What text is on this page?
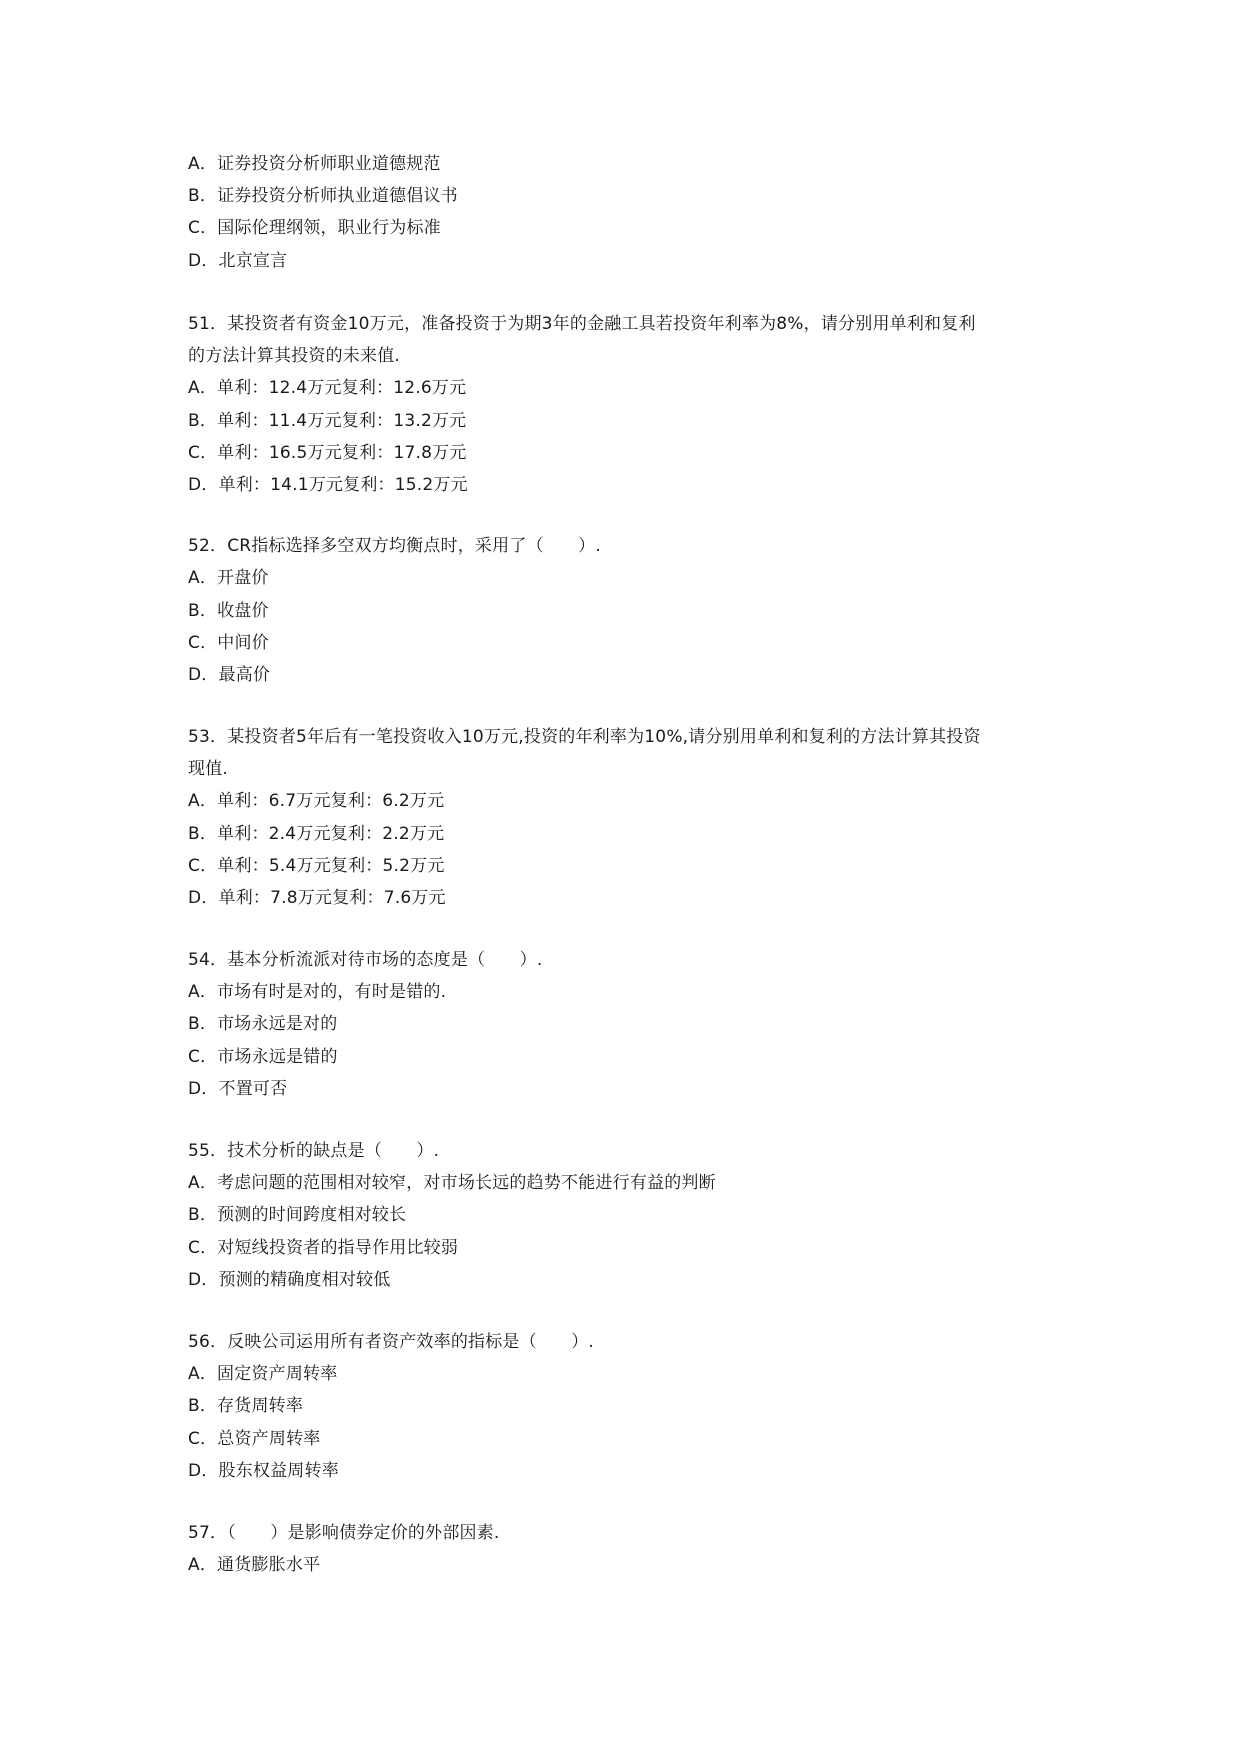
A．证券投资分析师职业道德规范
B．证券投资分析师执业道德倡议书
C．国际伦理纲领，职业行为标准
D．北京宣言
51．某投资者有资金10万元，准备投资于为期3年的金融工具若投资年利率为8%，请分别用单利和复利
的方法计算其投资的未来值.
A．单利：12.4万元复利：12.6万元
B．单利：11.4万元复利：13.2万元
C．单利：16.5万元复利：17.8万元
D．单利：14.1万元复利：15.2万元
52．CR指标选择多空双方均衡点时，采用了（　　）.
A．开盘价
B．收盘价
C．中间价
D．最高价
53．某投资者5年后有一笔投资收入10万元,投资的年利率为10%,请分别用单利和复利的方法计算其投资
现值.
A．单利：6.7万元复利：6.2万元
B．单利：2.4万元复利：2.2万元
C．单利：5.4万元复利：5.2万元
D．单利：7.8万元复利：7.6万元
54．基本分析流派对待市场的态度是（　　）.
A．市场有时是对的，有时是错的.
B．市场永远是对的
C．市场永远是错的
D．不置可否
55．技术分析的缺点是（　　）.
A．考虑问题的范围相对较窄，对市场长远的趋势不能进行有益的判断
B．预测的时间跨度相对较长
C．对短线投资者的指导作用比较弱
D．预测的精确度相对较低
56．反映公司运用所有者资产效率的指标是（　　）.
A．固定资产周转率
B．存货周转率
C．总资产周转率
D．股东权益周转率
57．（　　）是影响债券定价的外部因素.
A．通货膨胀水平
